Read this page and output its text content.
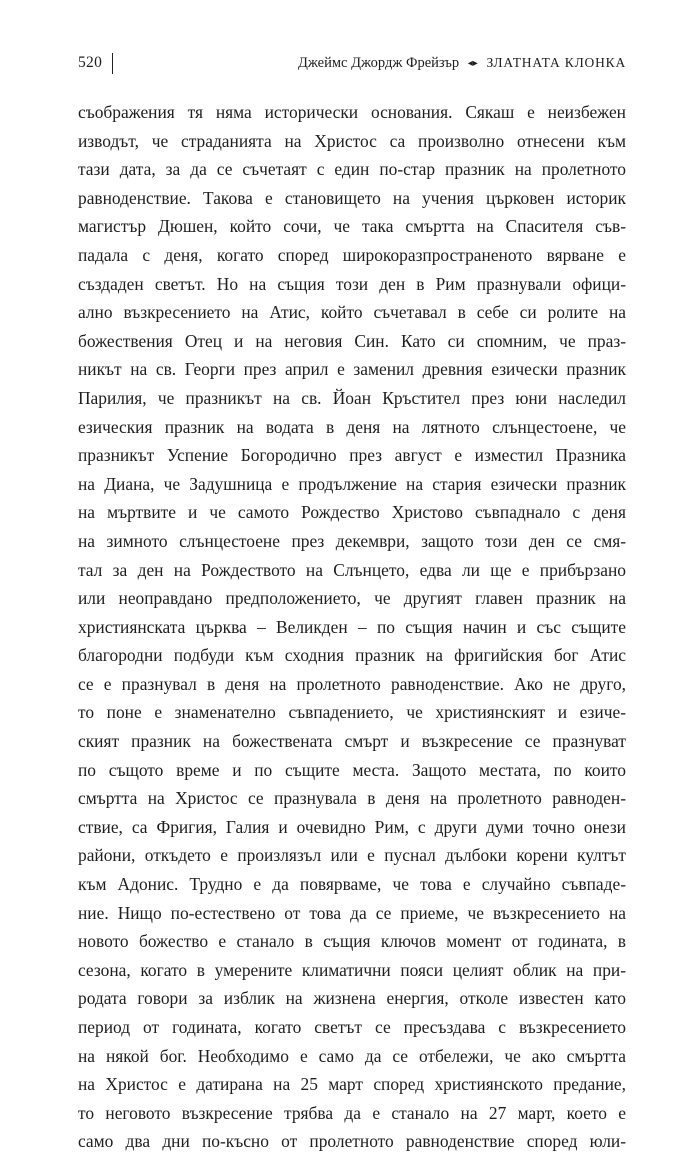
520	Джеймс Джордж Фрейзър ◂▸ ЗЛАТНАТА КЛОНКА
съображения тя няма исторически основания. Сякаш е неизбежен
изводът, че страданията на Христос са произволно отнесени към
тази дата, за да се съчетаят с един по-стар празник на пролетното
равноденствие. Такова е становището на учения църковен историк
магистър Дюшен, който сочи, че така смъртта на Спасителя съв-
падала с деня, когато според широкоразпространеното вярване е
създаден светът. Но на същия този ден в Рим празнували офици-
ално възкресението на Атис, който съчетавал в себе си ролите на
божествения Отец и на неговия Син. Като си спомним, че праз-
никът на св. Георги през април е заменил древния езически празник
Парилия, че празникът на св. Йоан Кръстител през юни наследил
езическия празник на водата в деня на лятното слънцестоене, че
празникът Успение Богородично през август е изместил Празника
на Диана, че Задушница е продължение на стария езически празник
на мъртвите и че самото Рождество Христово съвпаднало с деня
на зимното слънцестоене през декември, защото този ден се смя-
тал за ден на Рождеството на Слънцето, едва ли ще е прибързано
или неоправдано предположението, че другият главен празник на
християнската църква – Великден – по същия начин и със същите
благородни подбуди към сходния празник на фригийския бог Атис
се е празнувал в деня на пролетното равноденствие. Ако не друго,
то поне е знаменателно съвпадението, че християнският и езиче-
ският празник на божествената смърт и възкресение се празнуват
по същото време и по същите места. Защото местата, по които
смъртта на Христос се празнувала в деня на пролетното равноден-
ствие, са Фригия, Галия и очевидно Рим, с други думи точно онези
райони, откъдето е произлязъл или е пуснал дълбоки корени култът
към Адонис. Трудно е да повярваме, че това е случайно съвпаде-
ние. Нищо по-естествено от това да се приеме, че възкресението на
новото божество е станало в същия ключов момент от годината, в
сезона, когато в умерените климатични пояси целият облик на при-
родата говори за изблик на жизнена енергия, отколе известен като
период от годината, когато светът се пресъздава с възкресението
на някой бог. Необходимо е само да се отбележи, че ако смъртта
на Христос е датирана на 25 март според християнското предание,
то неговото възкресение трябва да е станало на 27 март, което е
само два дни по-късно от пролетното равноденствие според юли-
